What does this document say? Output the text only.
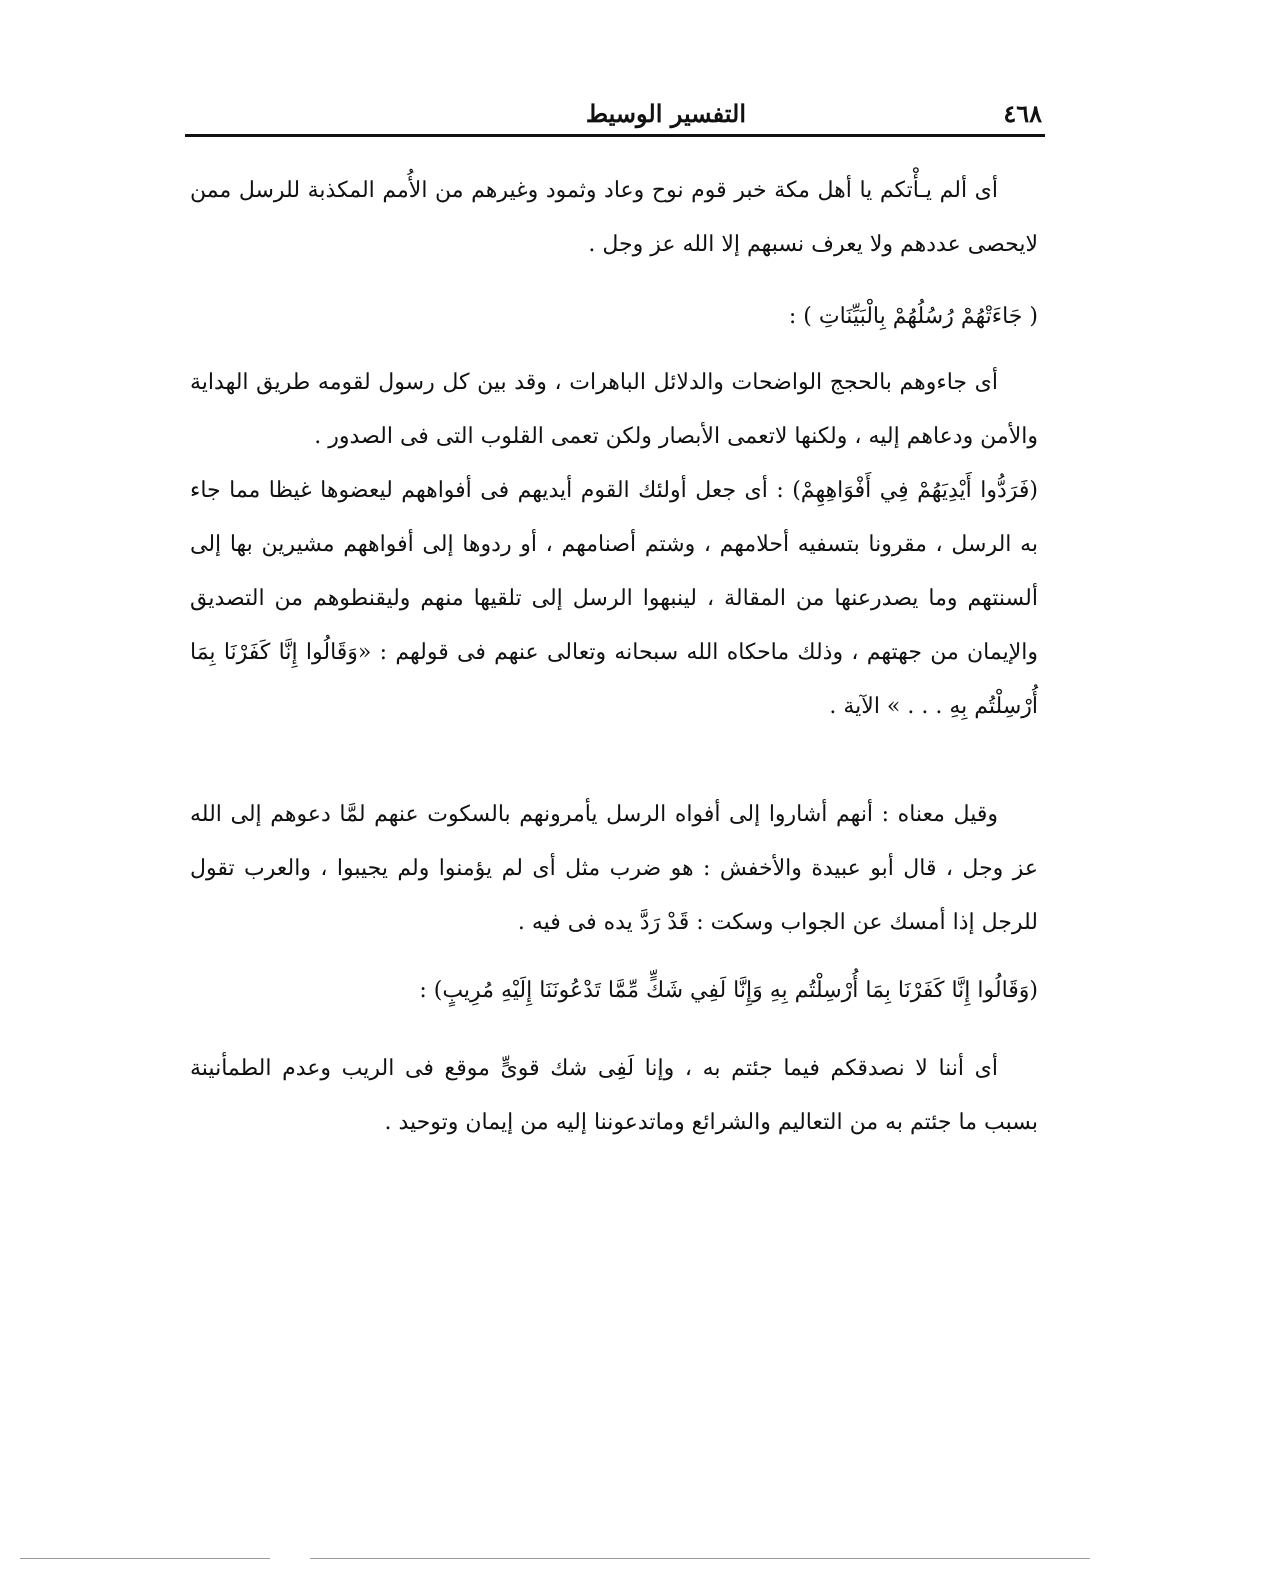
٤٦٨
التفسير الوسيط

أى ألم يـأْتكم يا أهل مكة خبر قوم نوح وعاد وثمود وغيرهم من الأُمم المكذبة للرسل ممن لايحصى عددهم ولا يعرف نسبهم إلا الله عز وجل .

( جَاءَتْهُمْ رُسُلُهُمْ بِالْبَيِّنَاتِ ) :

أى جاءوهم بالحجج الواضحات والدلائل الباهرات ، وقد بين كل رسول لقومه طريق الهداية والأمن ودعاهم إليه ، ولكنها لاتعمى الأبصار ولكن تعمى القلوب التى فى الصدور .

(فَرَدُّوا أَيْدِيَهُمْ فِي أَفْوَاهِهِمْ) : أى جعل أولئك القوم أيديهم فى أفواههم ليعضوها غيظا مما جاء به الرسل ، مقرونا بتسفيه أحلامهم ، وشتم أصنامهم ، أو ردوها إلى أفواههم مشيرين بها إلى ألسنتهم وما يصدرعنها من المقالة ، لينبهوا الرسل إلى تلقيها منهم وليقنطوهم من التصديق والإيمان من جهتهم ، وذلك ماحكاه الله سبحانه وتعالى عنهم فى قولهم : «وَقَالُوا إِنَّا كَفَرْنَا بِمَا أُرْسِلْتُم بِهِ . . . » الآية .

وقيل معناه : أنهم أشاروا إلى أفواه الرسل يأمرونهم بالسكوت عنهم لمَّا دعوهم إلى الله عز وجل ، قال أبو عبيدة والأخفش : هو ضرب مثل أى لم يؤمنوا ولم يجيبوا ، والعرب تقول للرجل إذا أمسك عن الجواب وسكت : قَدْ رَدَّ يده فى فيه .

(وَقَالُوا إِنَّا كَفَرْنَا بِمَا أُرْسِلْتُم بِهِ وَإِنَّا لَفِي شَكٍّ مِّمَّا تَدْعُونَنَا إِلَيْهِ مُرِيبٍ) :

أى أننا لا نصدقكم فيما جئتم به ، وإنا لَفِى شك قوىٍّ موقع فى الريب وعدم الطمأنينة بسبب ما جئتم به من التعاليم والشرائع وماتدعوننا إليه من إيمان وتوحيد .
